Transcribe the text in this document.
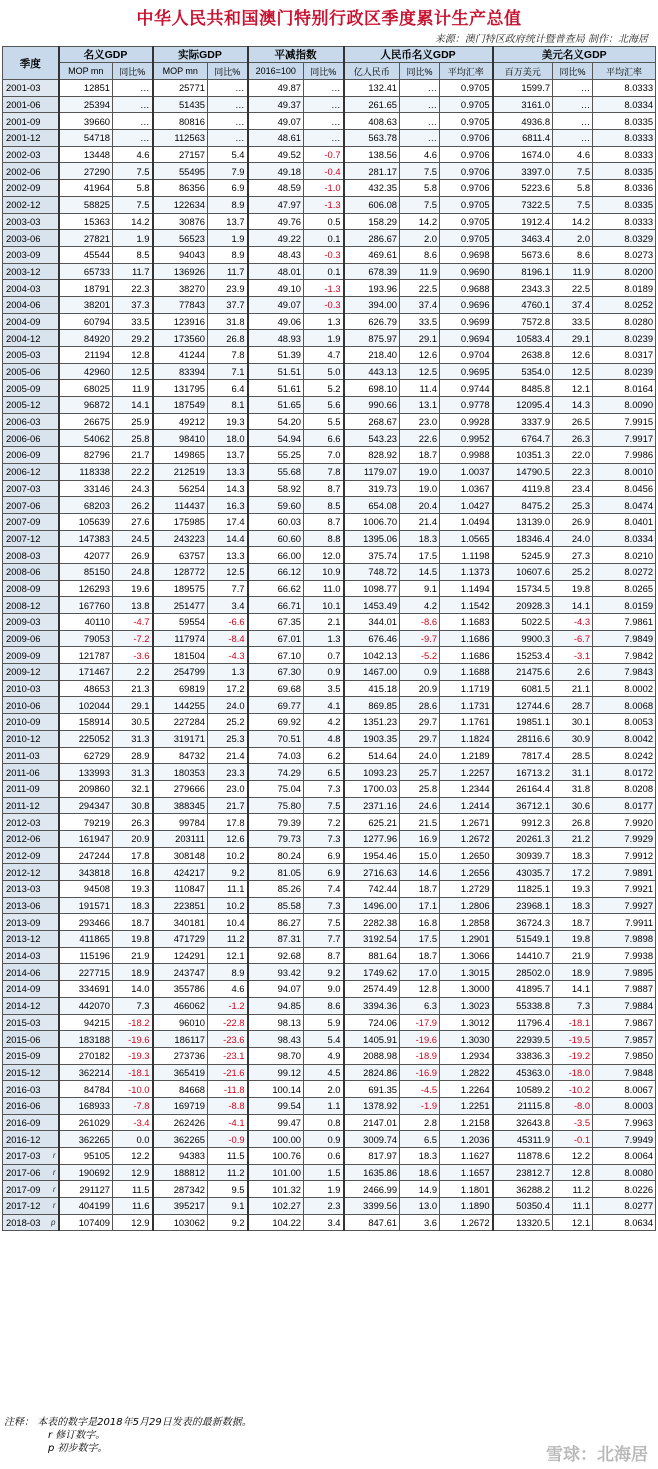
中华人民共和国澳门特别行政区季度累计生产总值
来源：澳门特区政府统计暨普查局 制作：北海居
季度	名义GDP		实际GDP		平减指数		人民币名义GDP			美元名义GDP		
	MOP mn	同比%	MOP mn	同比%	2016=100	同比%	亿人民币	同比%	平均汇率	百万美元	同比%	平均汇率
2001-03	12851	…	25771	…	49.87	…	132.41	…	0.9705	1599.7	…	8.0333
2001-06	25394	…	51435	…	49.37	…	261.65	…	0.9705	3161.0	…	8.0334
2001-09	39660	…	80816	…	49.07	…	408.63	…	0.9705	4936.8	…	8.0335
2001-12	54718	…	112563	…	48.61	…	563.78	…	0.9706	6811.4	…	8.0333
2002-03	13448	4.6	27157	5.4	49.52	-0.7	138.56	4.6	0.9706	1674.0	4.6	8.0333
2002-06	27290	7.5	55495	7.9	49.18	-0.4	281.17	7.5	0.9706	3397.0	7.5	8.0335
2002-09	41964	5.8	86356	6.9	48.59	-1.0	432.35	5.8	0.9706	5223.6	5.8	8.0336
2002-12	58825	7.5	122634	8.9	47.97	-1.3	606.08	7.5	0.9705	7322.5	7.5	8.0335
2003-03	15363	14.2	30876	13.7	49.76	0.5	158.29	14.2	0.9705	1912.4	14.2	8.0333
2003-06	27821	1.9	56523	1.9	49.22	0.1	286.67	2.0	0.9705	3463.4	2.0	8.0329
2003-09	45544	8.5	94043	8.9	48.43	-0.3	469.61	8.6	0.9698	5673.6	8.6	8.0273
2003-12	65733	11.7	136926	11.7	48.01	0.1	678.39	11.9	0.9690	8196.1	11.9	8.0200
2004-03	18791	22.3	38270	23.9	49.10	-1.3	193.96	22.5	0.9688	2343.3	22.5	8.0189
2004-06	38201	37.3	77843	37.7	49.07	-0.3	394.00	37.4	0.9696	4760.1	37.4	8.0252
2004-09	60794	33.5	123916	31.8	49.06	1.3	626.79	33.5	0.9699	7572.8	33.5	8.0280
2004-12	84920	29.2	173560	26.8	48.93	1.9	875.97	29.1	0.9694	10583.4	29.1	8.0239
2005-03	21194	12.8	41244	7.8	51.39	4.7	218.40	12.6	0.9704	2638.8	12.6	8.0317
2005-06	42960	12.5	83394	7.1	51.51	5.0	443.13	12.5	0.9695	5354.0	12.5	8.0239
2005-09	68025	11.9	131795	6.4	51.61	5.2	698.10	11.4	0.9744	8485.8	12.1	8.0164
2005-12	96872	14.1	187549	8.1	51.65	5.6	990.66	13.1	0.9778	12095.4	14.3	8.0090
2006-03	26675	25.9	49212	19.3	54.20	5.5	268.67	23.0	0.9928	3337.9	26.5	7.9915
2006-06	54062	25.8	98410	18.0	54.94	6.6	543.23	22.6	0.9952	6764.7	26.3	7.9917
2006-09	82796	21.7	149865	13.7	55.25	7.0	828.92	18.7	0.9988	10351.3	22.0	7.9986
2006-12	118338	22.2	212519	13.3	55.68	7.8	1179.07	19.0	1.0037	14790.5	22.3	8.0010
2007-03	33146	24.3	56254	14.3	58.92	8.7	319.73	19.0	1.0367	4119.8	23.4	8.0456
2007-06	68203	26.2	114437	16.3	59.60	8.5	654.08	20.4	1.0427	8475.2	25.3	8.0474
2007-09	105639	27.6	175985	17.4	60.03	8.7	1006.70	21.4	1.0494	13139.0	26.9	8.0401
2007-12	147383	24.5	243223	14.4	60.60	8.8	1395.06	18.3	1.0565	18346.4	24.0	8.0334
2008-03	42077	26.9	63757	13.3	66.00	12.0	375.74	17.5	1.1198	5245.9	27.3	8.0210
2008-06	85150	24.8	128772	12.5	66.12	10.9	748.72	14.5	1.1373	10607.6	25.2	8.0272
2008-09	126293	19.6	189575	7.7	66.62	11.0	1098.77	9.1	1.1494	15734.5	19.8	8.0265
2008-12	167760	13.8	251477	3.4	66.71	10.1	1453.49	4.2	1.1542	20928.3	14.1	8.0159
2009-03	40110	-4.7	59554	-6.6	67.35	2.1	344.01	-8.6	1.1683	5022.5	-4.3	7.9861
2009-06	79053	-7.2	117974	-8.4	67.01	1.3	676.46	-9.7	1.1686	9900.3	-6.7	7.9849
2009-09	121787	-3.6	181504	-4.3	67.10	0.7	1042.13	-5.2	1.1686	15253.4	-3.1	7.9842
2009-12	171467	2.2	254799	1.3	67.30	0.9	1467.00	0.9	1.1688	21475.6	2.6	7.9843
2010-03	48653	21.3	69819	17.2	69.68	3.5	415.18	20.9	1.1719	6081.5	21.1	8.0002
2010-06	102044	29.1	144255	24.0	69.77	4.1	869.85	28.6	1.1731	12744.6	28.7	8.0068
2010-09	158914	30.5	227284	25.2	69.92	4.2	1351.23	29.7	1.1761	19851.1	30.1	8.0053
2010-12	225052	31.3	319171	25.3	70.51	4.8	1903.35	29.7	1.1824	28116.6	30.9	8.0042
2011-03	62729	28.9	84732	21.4	74.03	6.2	514.64	24.0	1.2189	7817.4	28.5	8.0242
2011-06	133993	31.3	180353	23.3	74.29	6.5	1093.23	25.7	1.2257	16713.2	31.1	8.0172
2011-09	209860	32.1	279666	23.0	75.04	7.3	1700.03	25.8	1.2344	26164.4	31.8	8.0208
2011-12	294347	30.8	388345	21.7	75.80	7.5	2371.16	24.6	1.2414	36712.1	30.6	8.0177
2012-03	79219	26.3	99784	17.8	79.39	7.2	625.21	21.5	1.2671	9912.3	26.8	7.9920
2012-06	161947	20.9	203111	12.6	79.73	7.3	1277.96	16.9	1.2672	20261.3	21.2	7.9929
2012-09	247244	17.8	308148	10.2	80.24	6.9	1954.46	15.0	1.2650	30939.7	18.3	7.9912
2012-12	343818	16.8	424217	9.2	81.05	6.9	2716.63	14.6	1.2656	43035.7	17.2	7.9891
2013-03	94508	19.3	110847	11.1	85.26	7.4	742.44	18.7	1.2729	11825.1	19.3	7.9921
2013-06	191571	18.3	223851	10.2	85.58	7.3	1496.00	17.1	1.2806	23968.1	18.3	7.9927
2013-09	293466	18.7	340181	10.4	86.27	7.5	2282.38	16.8	1.2858	36724.3	18.7	7.9911
2013-12	411865	19.8	471729	11.2	87.31	7.7	3192.54	17.5	1.2901	51549.1	19.8	7.9898
2014-03	115196	21.9	124291	12.1	92.68	8.7	881.64	18.7	1.3066	14410.7	21.9	7.9938
2014-06	227715	18.9	243747	8.9	93.42	9.2	1749.62	17.0	1.3015	28502.0	18.9	7.9895
2014-09	334691	14.0	355786	4.6	94.07	9.0	2574.49	12.8	1.3000	41895.7	14.1	7.9887
2014-12	442070	7.3	466062	-1.2	94.85	8.6	3394.36	6.3	1.3023	55338.8	7.3	7.9884
2015-03	94215	-18.2	96010	-22.8	98.13	5.9	724.06	-17.9	1.3012	11796.4	-18.1	7.9867
2015-06	183188	-19.6	186117	-23.6	98.43	5.4	1405.91	-19.6	1.3030	22939.5	-19.5	7.9857
2015-09	270182	-19.3	273736	-23.1	98.70	4.9	2088.98	-18.9	1.2934	33836.3	-19.2	7.9850
2015-12	362214	-18.1	365419	-21.6	99.12	4.5	2824.86	-16.9	1.2822	45363.0	-18.0	7.9848
2016-03	84784	-10.0	84668	-11.8	100.14	2.0	691.35	-4.5	1.2264	10589.2	-10.2	8.0067
2016-06	168933	-7.8	169719	-8.8	99.54	1.1	1378.92	-1.9	1.2251	21115.8	-8.0	8.0003
2016-09	261029	-3.4	262426	-4.1	99.47	0.8	2147.01	2.8	1.2158	32643.8	-3.5	7.9963
2016-12	362265	0.0	362265	-0.9	100.00	0.9	3009.74	6.5	1.2036	45311.9	-0.1	7.9949
2017-03 r	95105	12.2	94383	11.5	100.76	0.6	817.97	18.3	1.1627	11878.6	12.2	8.0064
2017-06 r	190692	12.9	188812	11.2	101.00	1.5	1635.86	18.6	1.1657	23812.7	12.8	8.0080
2017-09 r	291127	11.5	287342	9.5	101.32	1.9	2466.99	14.9	1.1801	36288.2	11.2	8.0226
2017-12 r	404199	11.6	395217	9.1	102.27	2.3	3399.56	13.0	1.1890	50350.4	11.1	8.0277
2018-03 p	107409	12.9	103062	9.2	104.22	3.4	847.61	3.6	1.2672	13320.5	12.1	8.0634
注释： 本表的数字是2018年5月29日发表的最新数据。
r 修订数字。
p 初步数字。	雪球：北海居
